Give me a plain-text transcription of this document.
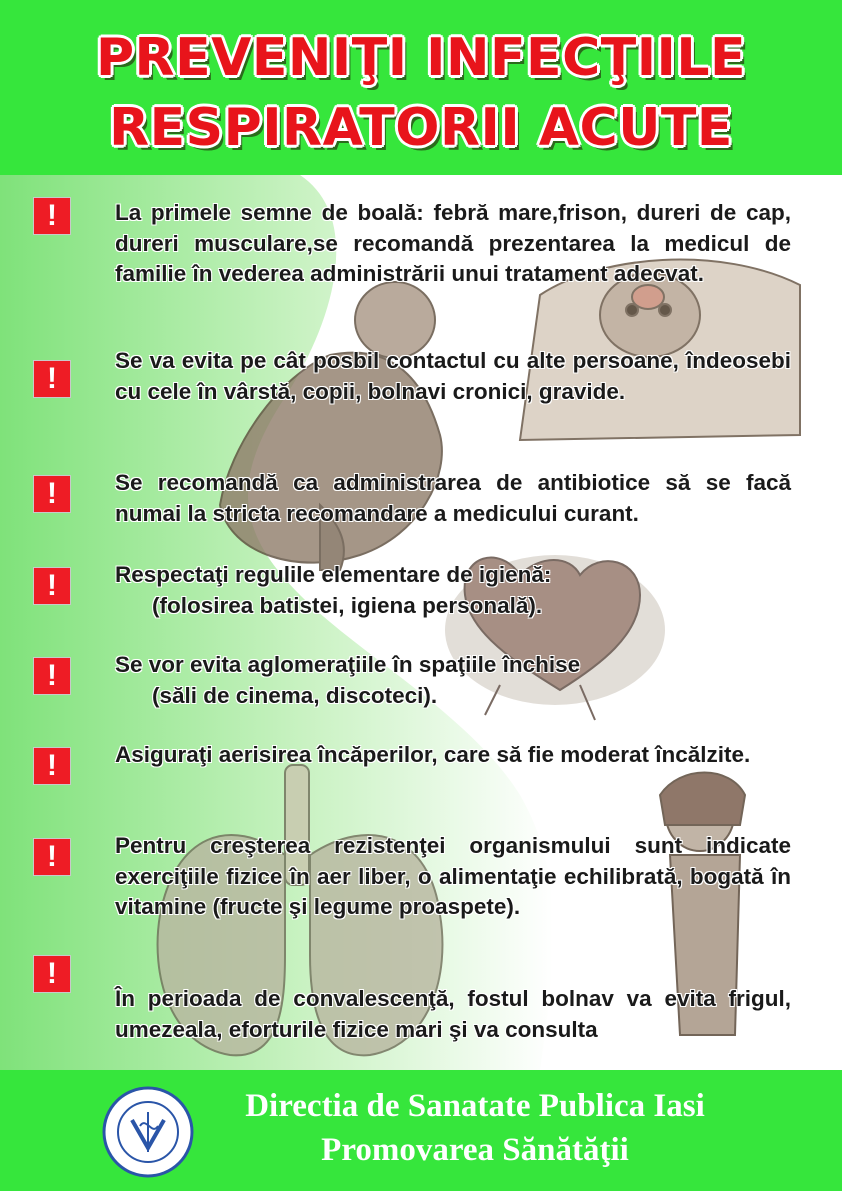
PREVENIŢI INFECŢIILE
RESPIRATORII ACUTE
!	La primele semne de boală: febră mare,frison, dureri de cap, dureri musculare,se recomandă prezentarea la medicul de familie în vederea administrării unui tratament adecvat.
!
Se va evita pe cât posbil contactul cu alte persoane, îndeosebi cu cele în vârstă, copii, bolnavi cronici, gravide.
!	Se recomandă ca administrarea de antibiotice să se facă numai la stricta recomandare a medicului curant.
!	Respectaţi regulile elementare de igienă:
(folosirea batistei, igiena personală).
!	Se vor evita aglomeraţiile în spaţiile închise
(săli de cinema, discoteci).
!	Asiguraţi aerisirea încăperilor, care să fie moderat încălzite.
!	Pentru creşterea rezistenţei organismului sunt indicate exerciţiile fizice în aer liber, o alimentaţie echilibrată, bogată în vitamine (fructe şi legume proaspete).
!
În perioada de convalescenţă, fostul bolnav va evita frigul, umezeala, eforturile fizice mari şi va consulta
Directia de Sanatate Publica Iasi
Promovarea Sănătăţii
